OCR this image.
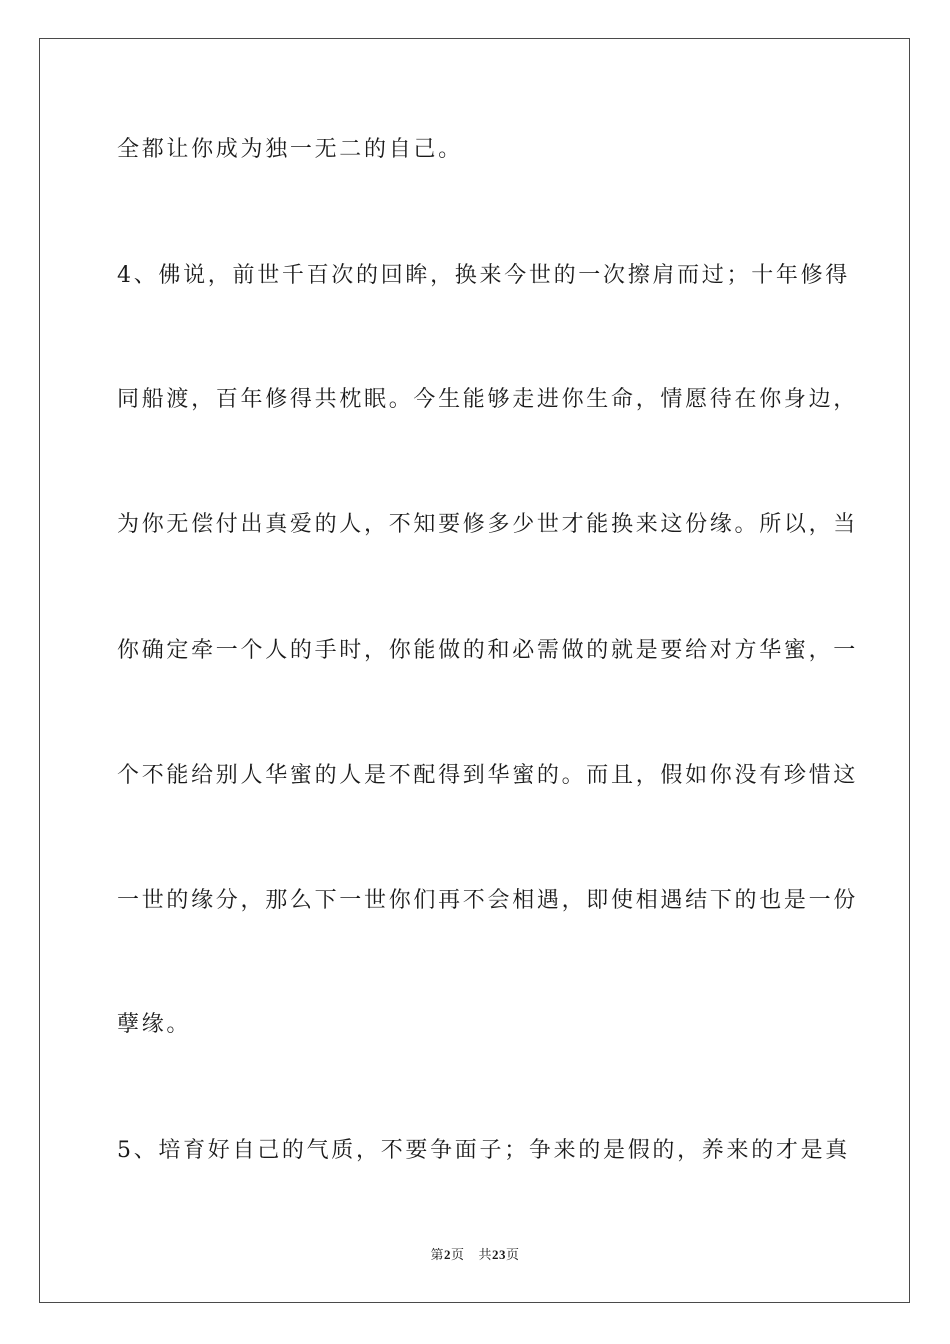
全都让你成为独一无二的自己。
4、佛说，前世千百次的回眸，换来今世的一次擦肩而过；十年修得
同船渡，百年修得共枕眠。今生能够走进你生命，情愿待在你身边，
为你无偿付出真爱的人，不知要修多少世才能换来这份缘。所以，当
你确定牵一个人的手时，你能做的和必需做的就是要给对方华蜜，一
个不能给别人华蜜的人是不配得到华蜜的。而且，假如你没有珍惜这
一世的缘分，那么下一世你们再不会相遇，即使相遇结下的也是一份
孽缘。
5、培育好自己的气质，不要争面子；争来的是假的，养来的才是真
第2页 共23页
